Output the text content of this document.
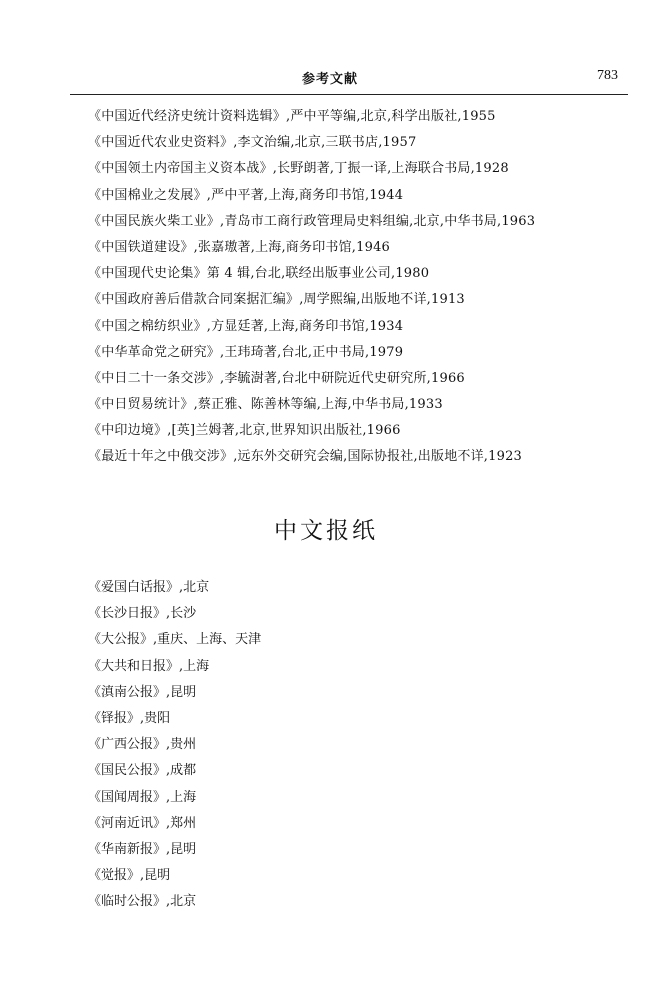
参考文献	783
《中国近代经济史统计资料选辑》,严中平等编,北京,科学出版社,1955
《中国近代农业史资料》,李文治编,北京,三联书店,1957
《中国领土内帝国主义资本战》,长野朗著,丁振一译,上海联合书局,1928
《中国棉业之发展》,严中平著,上海,商务印书馆,1944
《中国民族火柴工业》,青岛市工商行政管理局史料组编,北京,中华书局,1963
《中国铁道建设》,张嘉璈著,上海,商务印书馆,1946
《中国现代史论集》第 4 辑,台北,联经出版事业公司,1980
《中国政府善后借款合同案据汇编》,周学熙编,出版地不详,1913
《中国之棉纺织业》,方显廷著,上海,商务印书馆,1934
《中华革命党之研究》,王玮琦著,台北,正中书局,1979
《中日二十一条交涉》,李毓澍著,台北中研院近代史研究所,1966
《中日贸易统计》,蔡正雅、陈善林等编,上海,中华书局,1933
《中印边境》,[英]兰姆著,北京,世界知识出版社,1966
《最近十年之中俄交涉》,远东外交研究会编,国际协报社,出版地不详,1923
中文报纸
《爱国白话报》,北京
《长沙日报》,长沙
《大公报》,重庆、上海、天津
《大共和日报》,上海
《滇南公报》,昆明
《铎报》,贵阳
《广西公报》,贵州
《国民公报》,成都
《国闻周报》,上海
《河南近讯》,郑州
《华南新报》,昆明
《觉报》,昆明
《临时公报》,北京
